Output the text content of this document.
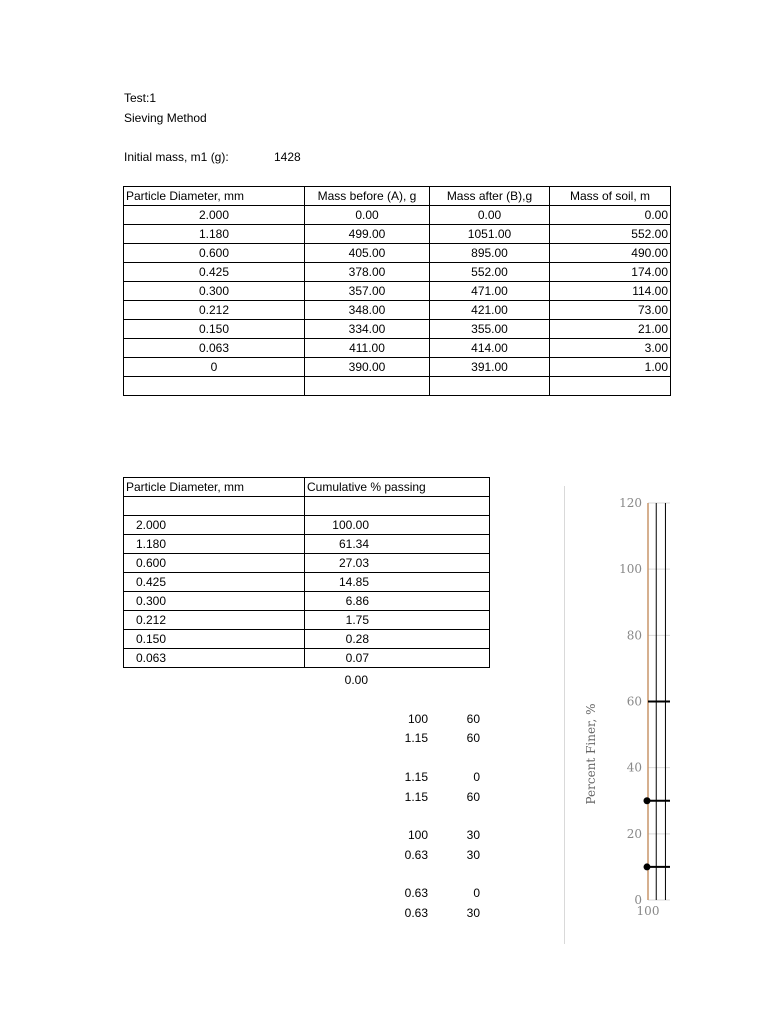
Test:1
Sieving Method
Initial mass, m1 (g):	1428
Particle Diameter, mm	Mass before (A), g	Mass after (B),g	Mass of soil, m
2.000	0.00	0.00	0.00
1.180	499.00	1051.00	552.00
0.600	405.00	895.00	490.00
0.425	378.00	552.00	174.00
0.300	357.00	471.00	114.00
0.212	348.00	421.00	73.00
0.150	334.00	355.00	21.00
0.063	411.00	414.00	3.00
0	390.00	391.00	1.00

Particle Diameter, mm	Cumulative % passing

2.000	100.00
1.180	61.34
0.600	27.03
0.425	14.85
0.300	6.86
0.212	1.75
0.150	0.28
0.063	0.07
0.00
100	60
1.15	60
1.15	0
1.15	60
100	30
0.63	30
0.63	0
0.63	30
0
20
40
60
80
100
120
100
Percent Finer, %
